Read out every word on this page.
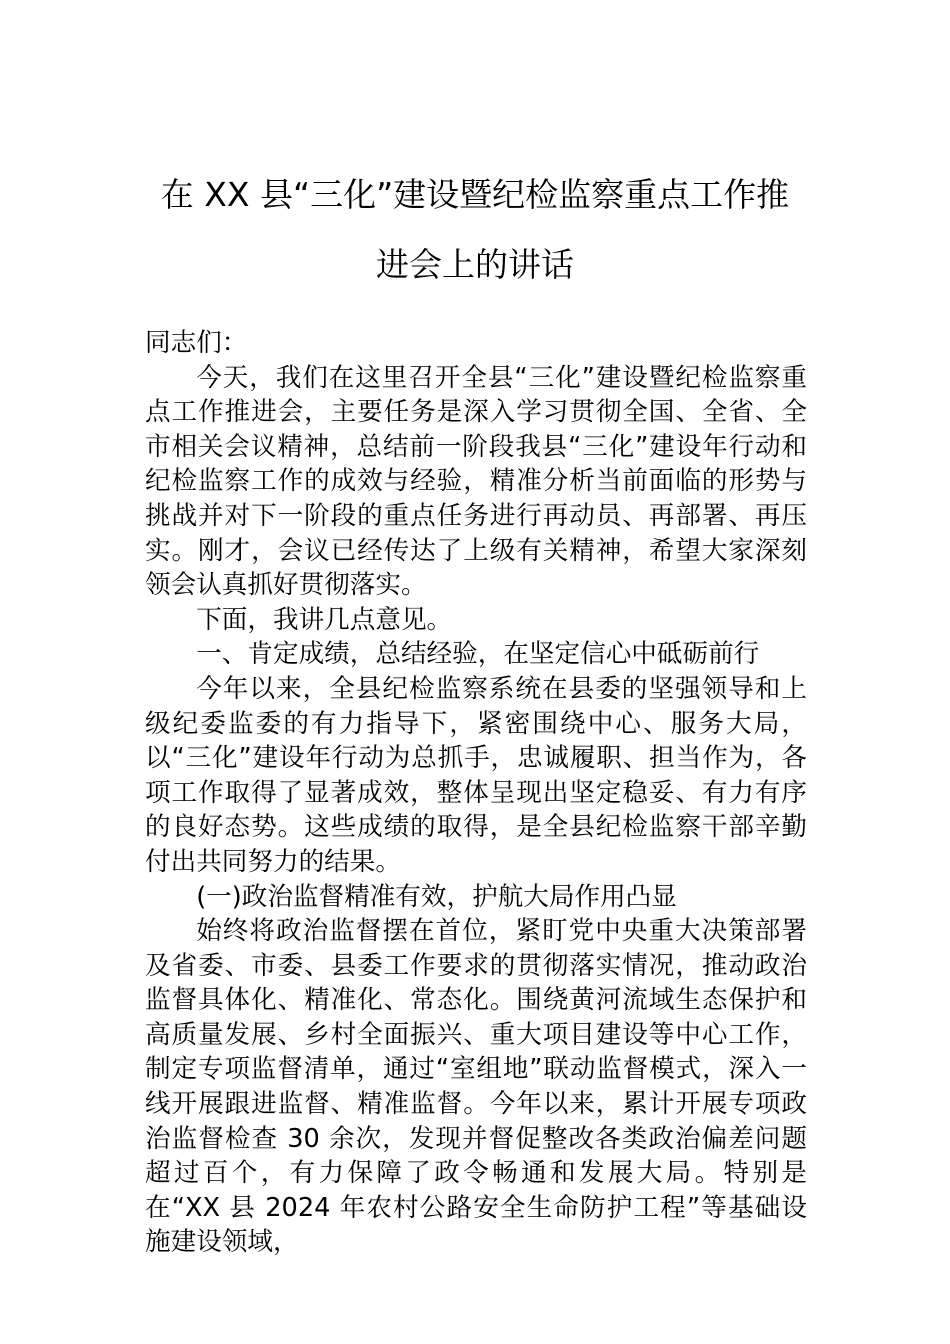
在 XX 县“三化”建设暨纪检监察重点工作推
进会上的讲话

同志们：

今天，我们在这里召开全县“三化”建设暨纪检监察重点工作推进会，主要任务是深入学习贯彻全国、全省、全市相关会议精神，总结前一阶段我县“三化”建设年行动和纪检监察工作的成效与经验，精准分析当前面临的形势与挑战并对下一阶段的重点任务进行再动员、再部署、再压实。刚才，会议已经传达了上级有关精神，希望大家深刻领会认真抓好贯彻落实。

下面，我讲几点意见。

一、肯定成绩，总结经验，在坚定信心中砥砺前行

今年以来，全县纪检监察系统在县委的坚强领导和上级纪委监委的有力指导下，紧密围绕中心、服务大局，以“三化”建设年行动为总抓手，忠诚履职、担当作为，各项工作取得了显著成效，整体呈现出坚定稳妥、有力有序的良好态势。这些成绩的取得，是全县纪检监察干部辛勤付出共同努力的结果。

(一)政治监督精准有效，护航大局作用凸显

始终将政治监督摆在首位，紧盯党中央重大决策部署及省委、市委、县委工作要求的贯彻落实情况，推动政治监督具体化、精准化、常态化。围绕黄河流域生态保护和高质量发展、乡村全面振兴、重大项目建设等中心工作，制定专项监督清单，通过“室组地”联动监督模式，深入一线开展跟进监督、精准监督。今年以来，累计开展专项政治监督检查 30 余次，发现并督促整改各类政治偏差问题超过百个，有力保障了政令畅通和发展大局。特别是在“XX 县 2024 年农村公路安全生命防护工程”等基础设施建设领域，
